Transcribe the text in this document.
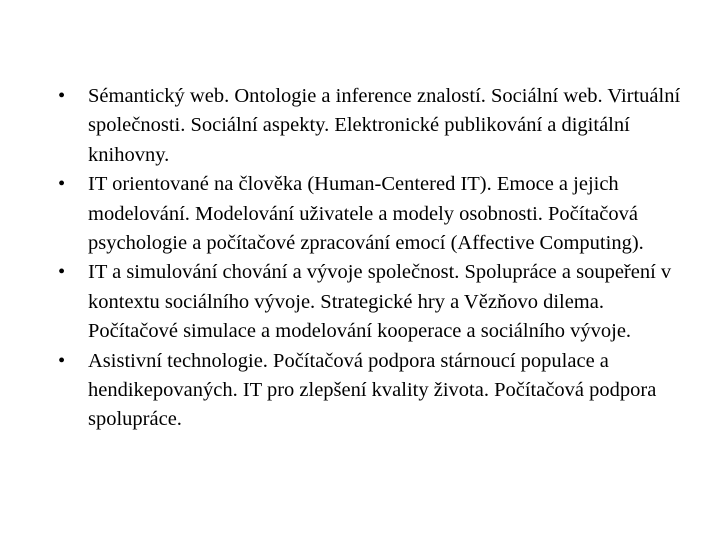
•	Sémantický web. Ontologie a inference znalostí. Sociální web. Virtuální společnosti. Sociální aspekty. Elektronické publikování a digitální knihovny.
•	IT orientované na člověka (Human-Centered IT). Emoce a jejich modelování. Modelování uživatele a modely osobnosti. Počítačová psychologie a počítačové zpracování emocí (Affective Computing).
•	IT a simulování chování a vývoje společnost. Spolupráce a soupeření v kontextu sociálního vývoje. Strategické hry a Vězňovo dilema. Počítačové simulace a modelování kooperace a sociálního vývoje.
•	Asistivní technologie. Počítačová podpora stárnoucí populace a hendikepovaných. IT pro zlepšení kvality života. Počítačová podpora spolupráce.
